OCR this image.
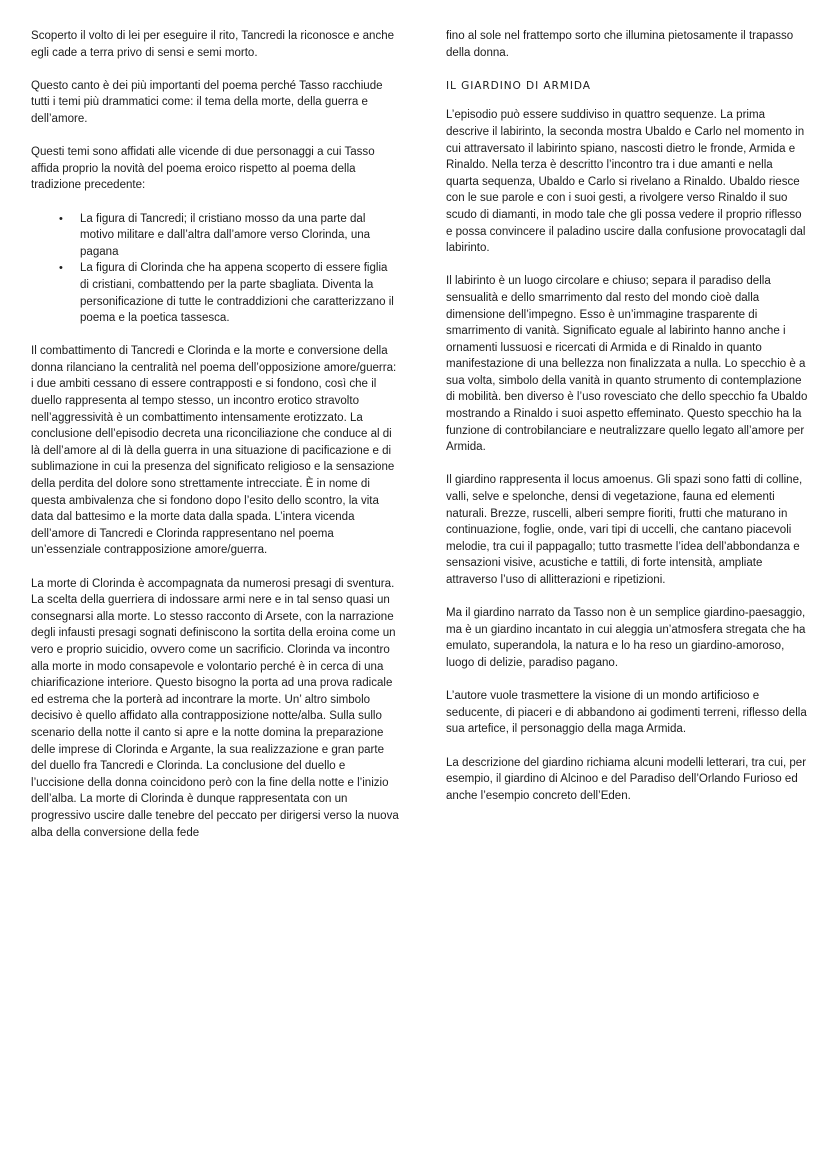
Scoperto il volto di lei per eseguire il rito, Tancredi la riconosce e anche egli cade a terra privo di sensi e semi morto.

Questo canto è dei più importanti del poema perché Tasso racchiude tutti i temi più drammatici come: il tema della morte, della guerra e dell’amore.

Questi temi sono affidati alle vicende di due personaggi a cui Tasso affida proprio la novità del poema eroico rispetto al poema della tradizione precedente:

• La figura di Tancredi; il cristiano mosso da una parte dal motivo militare e dall’altra dall’amore verso Clorinda, una pagana
• La figura di Clorinda che ha appena scoperto di essere figlia di cristiani, combattendo per la parte sbagliata. Diventa la personificazione di tutte le contraddizioni che caratterizzano il poema e la poetica tassesca.

Il combattimento di Tancredi e Clorinda e la morte e conversione della donna rilanciano la centralità nel poema dell’opposizione amore/guerra: i due ambiti cessano di essere contrapposti e si fondono, così che il duello rappresenta al tempo stesso, un incontro erotico stravolto nell’aggressività è un combattimento intensamente erotizzato. La conclusione dell’episodio decreta una riconciliazione che conduce al di là dell’amore al di là della guerra in una situazione di pacificazione e di sublimazione in cui la presenza del significato religioso e la sensazione della perdita del dolore sono strettamente intrecciate. È in nome di questa ambivalenza che si fondono dopo l’esito dello scontro, la vita data dal battesimo e la morte data dalla spada. L’intera vicenda dell’amore di Tancredi e Clorinda rappresentano nel poema un’essenziale contrapposizione amore/guerra.

La morte di Clorinda è accompagnata da numerosi presagi di sventura. La scelta della guerriera di indossare armi nere e in tal senso quasi un consegnarsi alla morte. Lo stesso racconto di Arsete, con la narrazione degli infausti presagi sognati definiscono la sortita della eroina come un vero e proprio suicidio, ovvero come un sacrificio. Clorinda va incontro alla morte in modo consapevole e volontario perché è in cerca di una chiarificazione interiore. Questo bisogno la porta ad una prova radicale ed estrema che la porterà ad incontrare la morte. Un’ altro simbolo decisivo è quello affidato alla contrapposizione notte/alba. Sulla sullo scenario della notte il canto si apre e la notte domina la preparazione delle imprese di Clorinda e Argante, la sua realizzazione e gran parte del duello fra Tancredi e Clorinda. La conclusione del duello e l’uccisione della donna coincidono però con la fine della notte e l’inizio dell’alba. La morte di Clorinda è dunque rappresentata con un progressivo uscire dalle tenebre del peccato per dirigersi verso la nuova alba della conversione della fede

fino al sole nel frattempo sorto che illumina pietosamente il trapasso della donna.

IL GIARDINO DI ARMIDA

L’episodio può essere suddiviso in quattro sequenze. La prima descrive il labirinto, la seconda mostra Ubaldo e Carlo nel momento in cui attraversato il labirinto spiano, nascosti dietro le fronde, Armida e Rinaldo. Nella terza è descritto l’incontro tra i due amanti e nella quarta sequenza, Ubaldo e Carlo si rivelano a Rinaldo. Ubaldo riesce con le sue parole e con i suoi gesti, a rivolgere verso Rinaldo il suo scudo di diamanti, in modo tale che gli possa vedere il proprio riflesso e possa convincere il paladino uscire dalla confusione provocatagli dal labirinto.

Il labirinto è un luogo circolare e chiuso; separa il paradiso della sensualità e dello smarrimento dal resto del mondo cioè dalla dimensione dell’impegno. Esso è un’immagine trasparente di smarrimento di vanità. Significato eguale al labirinto hanno anche i ornamenti lussuosi e ricercati di Armida e di Rinaldo in quanto manifestazione di una bellezza non finalizzata a nulla. Lo specchio è a sua volta, simbolo della vanità in quanto strumento di contemplazione di mobilità. ben diverso è l’uso rovesciato che dello specchio fa Ubaldo mostrando a Rinaldo i suoi aspetto effeminato. Questo specchio ha la funzione di controbilanciare e neutralizzare quello legato all’amore per Armida.

Il giardino rappresenta il locus amoenus. Gli spazi sono fatti di colline, valli, selve e spelonche, densi di vegetazione, fauna ed elementi naturali. Brezze, ruscelli, alberi sempre fioriti, frutti che maturano in continuazione, foglie, onde, vari tipi di uccelli, che cantano piacevoli melodie, tra cui il pappagallo; tutto trasmette l’idea dell’abbondanza e sensazioni visive, acustiche e tattili, di forte intensità, ampliate attraverso l’uso di allitterazioni e ripetizioni.

Ma il giardino narrato da Tasso non è un semplice giardino-paesaggio, ma è un giardino incantato in cui aleggia un’atmosfera stregata che ha emulato, superandola, la natura e lo ha reso un giardino-amoroso, luogo di delizie, paradiso pagano.

L’autore vuole trasmettere la visione di un mondo artificioso e seducente, di piaceri e di abbandono ai godimenti terreni, riflesso della sua artefice, il personaggio della maga Armida.

La descrizione del giardino richiama alcuni modelli letterari, tra cui, per esempio, il giardino di Alcinoo e del Paradiso dell’Orlando Furioso ed anche l’esempio concreto dell’Eden.
